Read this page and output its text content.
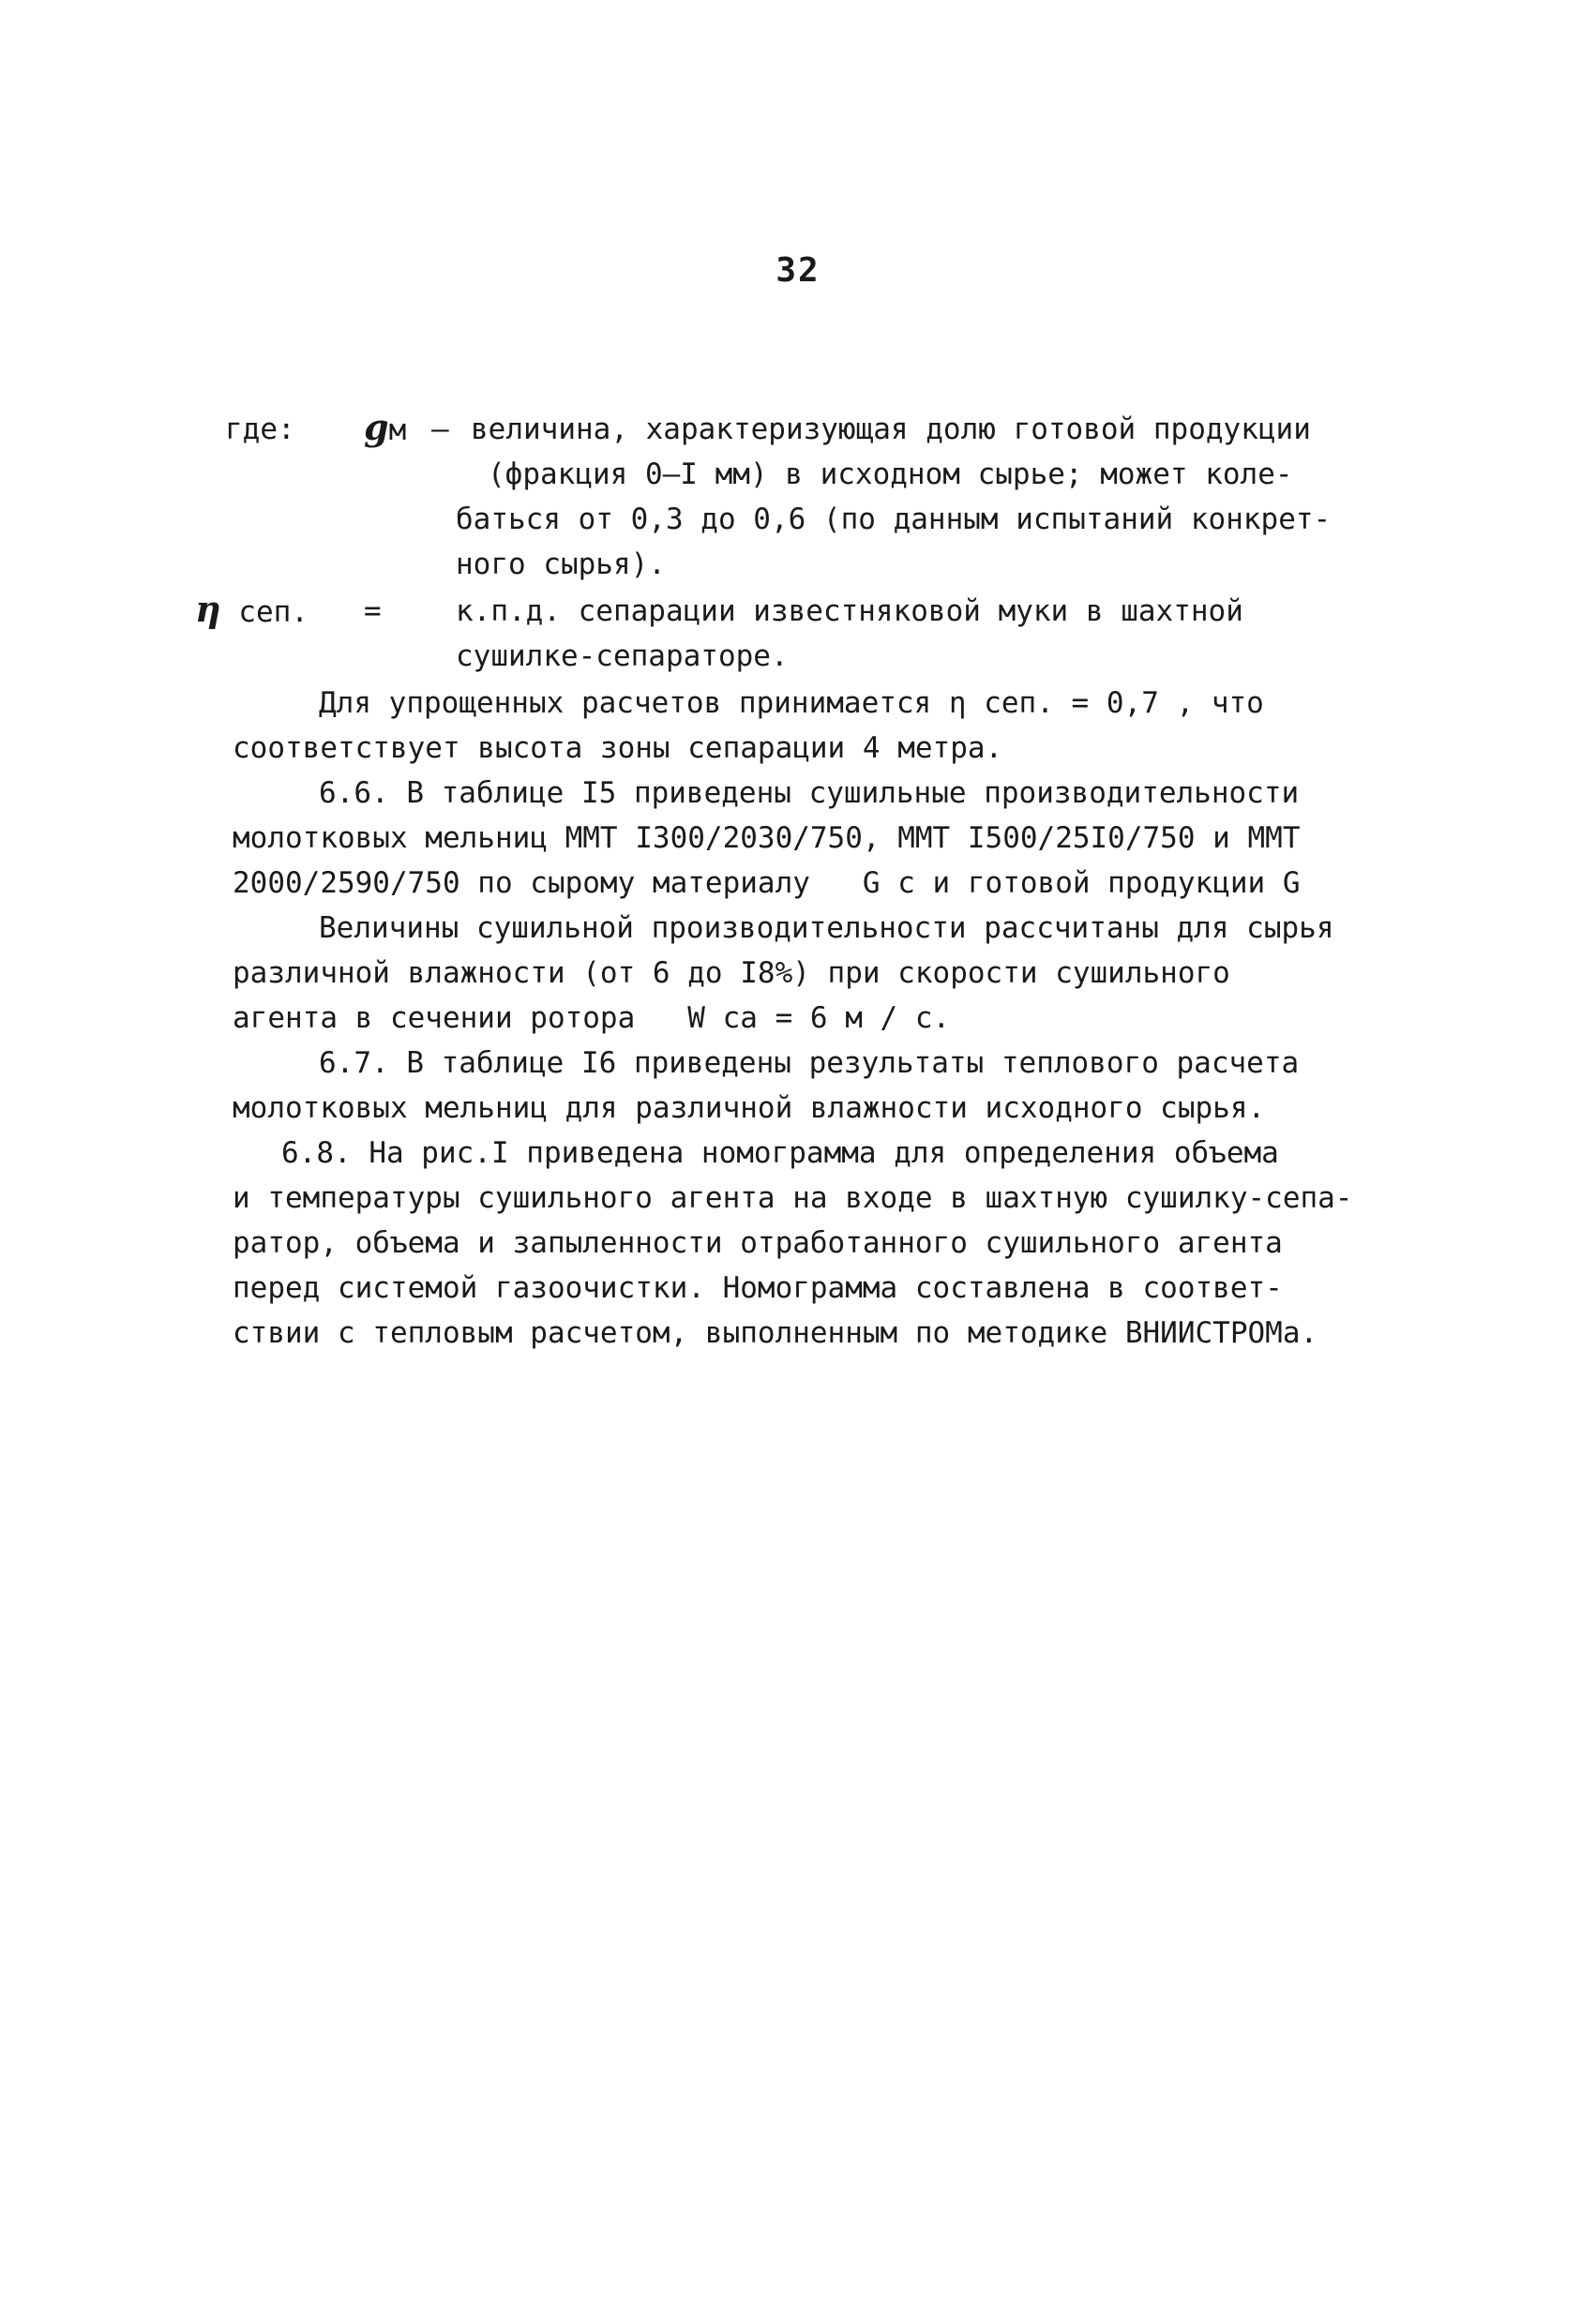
32
где: gм – величина, характеризующая долю готовой продукции
(фракция 0–I мм) в исходном сырье; может коле-
баться от 0,3 до 0,6 (по данным испытаний конкрет-
ного сырья).
η сеп. =	к.п.д. сепарации известняковой муки в шахтной
сушилке-сепараторе.
Для упрощенных расчетов принимается η сеп. = 0,7 , что
соответствует высота зоны сепарации 4 метра.
6.6. В таблице I5 приведены сушильные производительности
молотковых мельниц ММТ I300/2030/750, ММТ I500/25I0/750 и ММТ
2000/2590/750 по сырому материалу   G с и готовой продукции G
Величины сушильной производительности рассчитаны для сырья
различной влажности (от 6 до I8%) при скорости сушильного
агента в сечении ротора   W ca = 6 м / с.
6.7. В таблице I6 приведены результаты теплового расчета
молотковых мельниц для различной влажности исходного сырья.
6.8. На рис.I приведена номограмма для определения объема
и температуры сушильного агента на входе в шахтную сушилку-сепа-
ратор, объема и запыленности отработанного сушильного агента
перед системой газоочистки. Номограмма составлена в соответ-
ствии с тепловым расчетом, выполненным по методике ВНИИСТРОМа.
